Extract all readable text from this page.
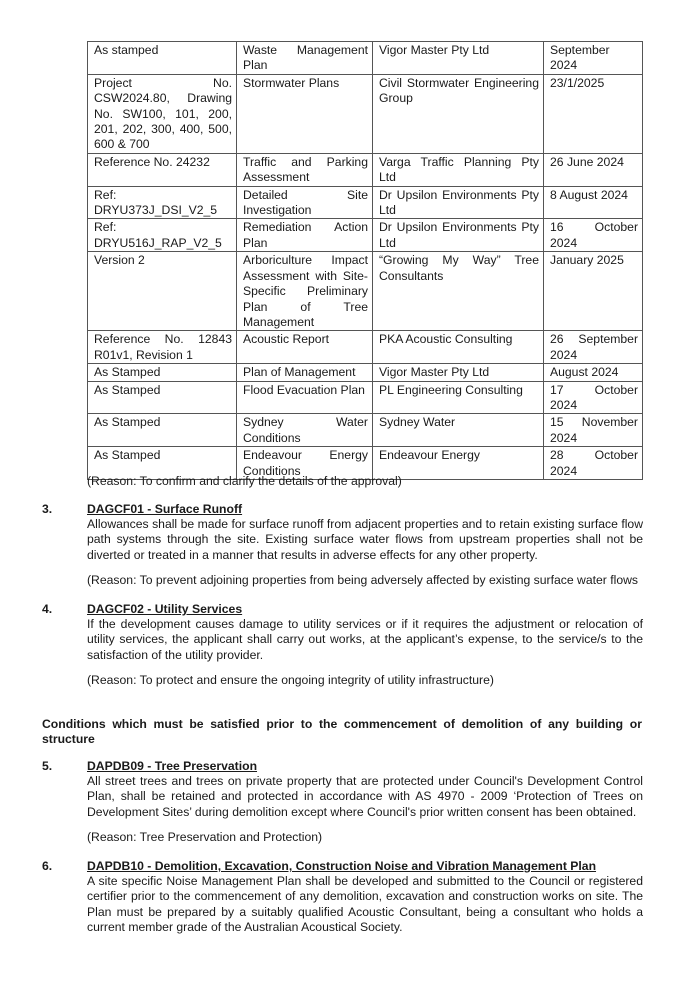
As stamped	Waste Management Plan	Vigor Master Pty Ltd	September 2024
Project No. CSW2024.80, Drawing No. SW100, 101, 200, 201, 202, 300, 400, 500, 600 & 700	Stormwater Plans	Civil Stormwater Engineering Group	23/1/2025
Reference No. 24232	Traffic and Parking Assessment	Varga Traffic Planning Pty Ltd	26 June 2024
Ref: DRYU373J_DSI_V2_5	Detailed Site Investigation	Dr Upsilon Environments Pty Ltd	8 August 2024
Ref: DRYU516J_RAP_V2_5	Remediation Action Plan	Dr Upsilon Environments Pty Ltd	16 October 2024
Version 2	Arboriculture Impact Assessment with Site-Specific Preliminary Plan of Tree Management	“Growing My Way” Tree Consultants	January 2025
Reference No. 12843 R01v1, Revision 1	Acoustic Report	PKA Acoustic Consulting	26 September 2024
As Stamped	Plan of Management	Vigor Master Pty Ltd	August 2024
As Stamped	Flood Evacuation Plan	PL Engineering Consulting	17 October 2024
As Stamped	Sydney Water Conditions	Sydney Water	15 November 2024
As Stamped	Endeavour Energy Conditions	Endeavour Energy	28 October 2024
(Reason: To confirm and clarify the details of the approval)
3.	DAGCF01 - Surface Runoff
Allowances shall be made for surface runoff from adjacent properties and to retain existing surface flow path systems through the site. Existing surface water flows from upstream properties shall not be diverted or treated in a manner that results in adverse effects for any other property.
(Reason: To prevent adjoining properties from being adversely affected by existing surface water flows
4.	DAGCF02 - Utility Services
If the development causes damage to utility services or if it requires the adjustment or relocation of utility services, the applicant shall carry out works, at the applicant’s expense, to the service/s to the satisfaction of the utility provider.
(Reason: To protect and ensure the ongoing integrity of utility infrastructure)
Conditions which must be satisfied prior to the commencement of demolition of any building or structure
5.	DAPDB09 - Tree Preservation
All street trees and trees on private property that are protected under Council's Development Control Plan, shall be retained and protected in accordance with AS 4970 - 2009 ‘Protection of Trees on Development Sites’ during demolition except where Council's prior written consent has been obtained.
(Reason: Tree Preservation and Protection)
6.	DAPDB10 - Demolition, Excavation, Construction Noise and Vibration Management Plan
A site specific Noise Management Plan shall be developed and submitted to the Council or registered certifier prior to the commencement of any demolition, excavation and construction works on site. The Plan must be prepared by a suitably qualified Acoustic Consultant, being a consultant who holds a current member grade of the Australian Acoustical Society.
